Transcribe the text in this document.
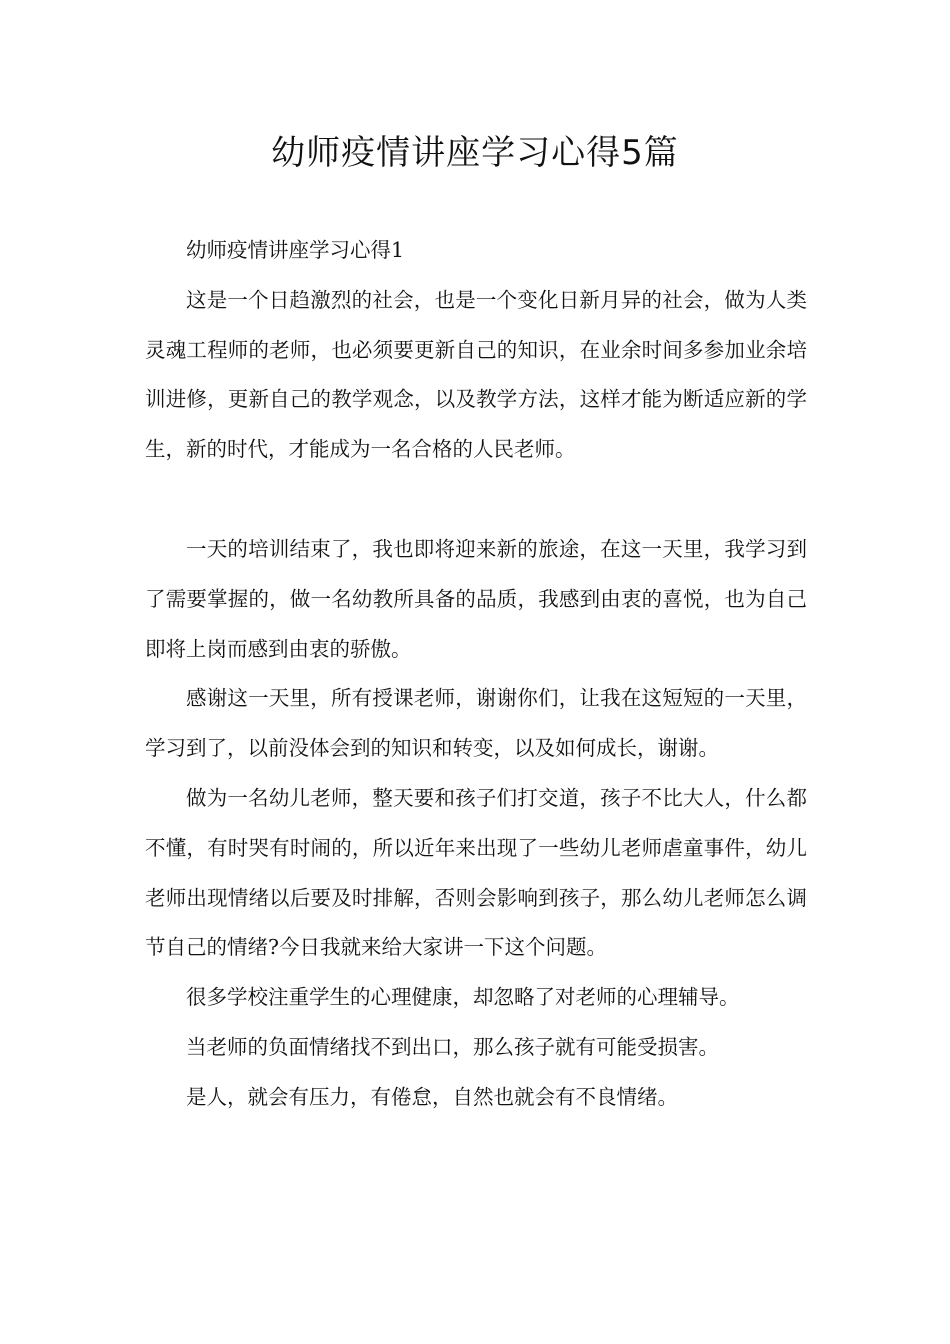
幼师疫情讲座学习心得5篇

幼师疫情讲座学习心得1

这是一个日趋激烈的社会，也是一个变化日新月异的社会，做为人类灵魂工程师的老师，也必须要更新自己的知识，在业余时间多参加业余培训进修，更新自己的教学观念，以及教学方法，这样才能为断适应新的学生，新的时代，才能成为一名合格的人民老师。

一天的培训结束了，我也即将迎来新的旅途，在这一天里，我学习到了需要掌握的，做一名幼教所具备的品质，我感到由衷的喜悦，也为自己即将上岗而感到由衷的骄傲。

感谢这一天里，所有授课老师，谢谢你们，让我在这短短的一天里，学习到了，以前没体会到的知识和转变，以及如何成长，谢谢。

做为一名幼儿老师，整天要和孩子们打交道，孩子不比大人，什么都不懂，有时哭有时闹的，所以近年来出现了一些幼儿老师虐童事件，幼儿老师出现情绪以后要及时排解，否则会影响到孩子，那么幼儿老师怎么调节自己的情绪?今日我就来给大家讲一下这个问题。

很多学校注重学生的心理健康，却忽略了对老师的心理辅导。

当老师的负面情绪找不到出口，那么孩子就有可能受损害。

是人，就会有压力，有倦怠，自然也就会有不良情绪。
